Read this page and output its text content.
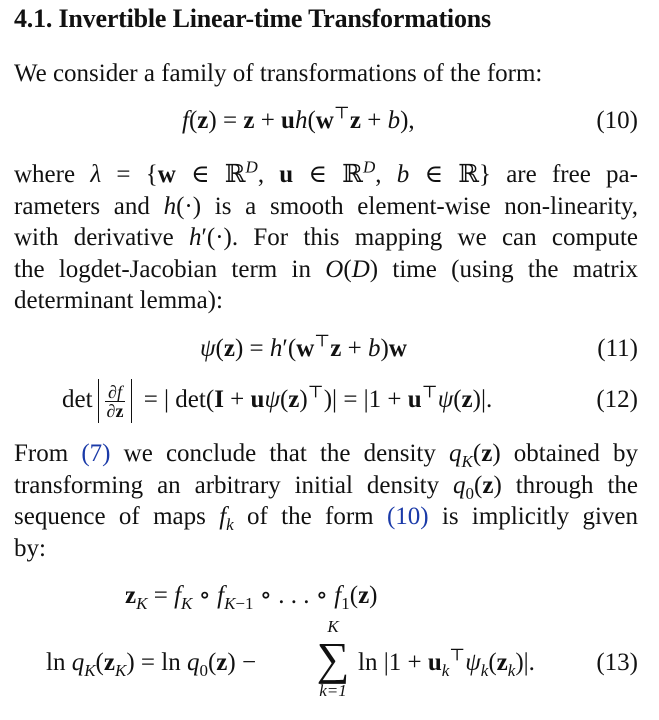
4.1. Invertible Linear-time Transformations
We consider a family of transformations of the form:
f(z) = z + uh(w⊤z + b),	(10)
where λ = {w ∈ ℝ$^D$, u ∈ ℝ$^D$, b ∈ ℝ} are free pa-
rameters and h(·) is a smooth element-wise non-linearity,
with derivative h′(·). For this mapping we can compute
the logdet-Jacobian term in O(D) time (using the matrix
determinant lemma):
ψ(z) = h′(w⊤z + b)w	(11)
$\det \frac{\partial f}{\partial z}$ = | det(I + uψ(z)⊤)| = |1 + u⊤ψ(z)|.	(12)
From (7) we conclude that the density $q_K(z)$ obtained by
transforming an arbitrary initial density $q_0(z)$ through the
sequence of maps $f_k$ of the form (10) is implicitly given
by:
$z_K = f_K$ ∘ $f_{K-1}$ ∘ . . . ∘ $f_1(z)$
$\ln q_K(z_K) = \ln q_0(z)$ −
K
∑
k=1
$\ln |1 + u_k^⊤\psi_k(z_k)|$. (13)
